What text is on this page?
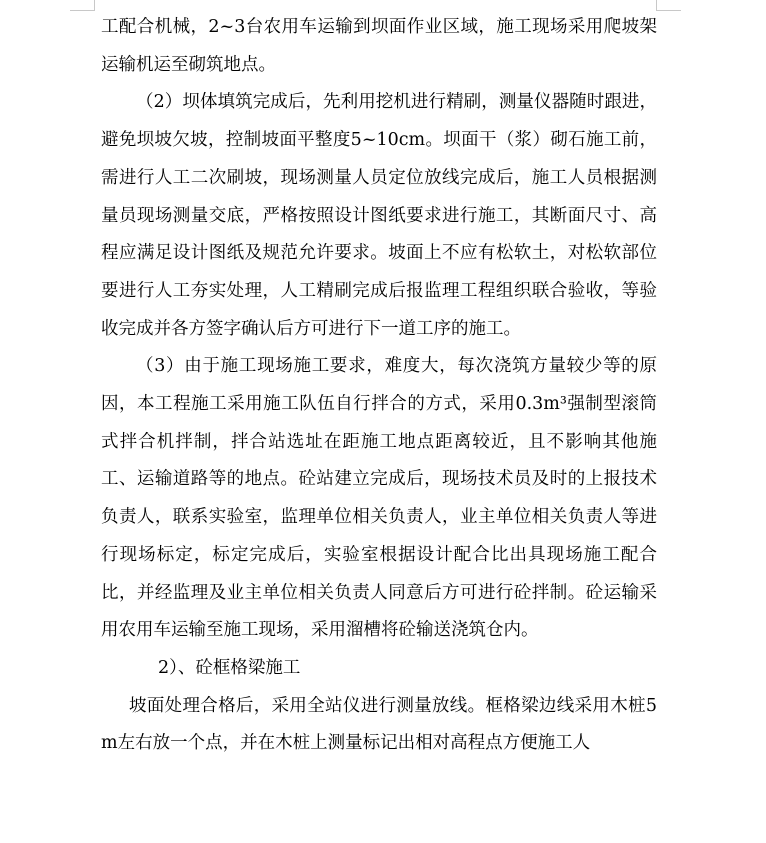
工配合机械，2~3台农用车运输到坝面作业区域，施工现场采用爬坡架运输机运至砌筑地点。

（2）坝体填筑完成后，先利用挖机进行精刷，测量仪器随时跟进，避免坝坡欠坡，控制坡面平整度5~10cm。坝面干（浆）砌石施工前，需进行人工二次刷坡，现场测量人员定位放线完成后，施工人员根据测量员现场测量交底，严格按照设计图纸要求进行施工，其断面尺寸、高程应满足设计图纸及规范允许要求。坡面上不应有松软土，对松软部位要进行人工夯实处理，人工精刷完成后报监理工程组织联合验收，等验收完成并各方签字确认后方可进行下一道工序的施工。

（3）由于施工现场施工要求，难度大，每次浇筑方量较少等的原因，本工程施工采用施工队伍自行拌合的方式，采用0.3m³强制型滚筒式拌合机拌制，拌合站选址在距施工地点距离较近，且不影响其他施工、运输道路等的地点。砼站建立完成后，现场技术员及时的上报技术负责人，联系实验室，监理单位相关负责人，业主单位相关负责人等进行现场标定，标定完成后，实验室根据设计配合比出具现场施工配合比，并经监理及业主单位相关负责人同意后方可进行砼拌制。砼运输采用农用车运输至施工现场，采用溜槽将砼输送浇筑仓内。

2）、砼框格梁施工

坡面处理合格后，采用全站仪进行测量放线。框格梁边线采用木桩5m左右放一个点，并在木桩上测量标记出相对高程点方便施工人
